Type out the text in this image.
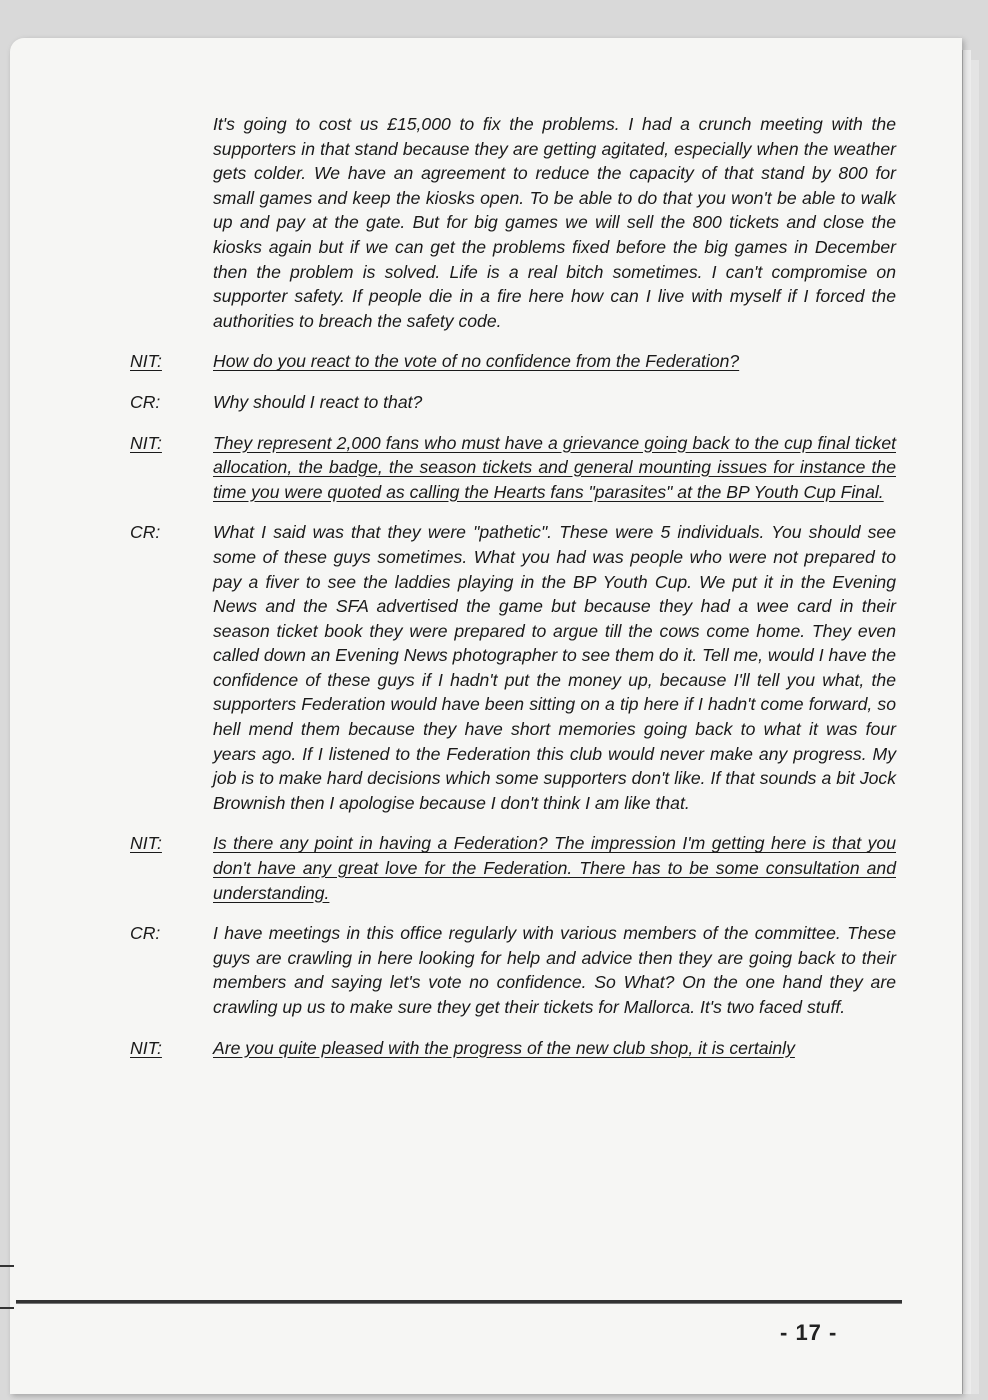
It's going to cost us £15,000 to fix the problems. I had a crunch meeting with the supporters in that stand because they are getting agitated, especially when the weather gets colder. We have an agreement to reduce the capacity of that stand by 800 for small games and keep the kiosks open. To be able to do that you won't be able to walk up and pay at the gate. But for big games we will sell the 800 tickets and close the kiosks again but if we can get the problems fixed before the big games in December then the problem is solved. Life is a real bitch sometimes. I can't compromise on supporter safety. If people die in a fire here how can I live with myself if I forced the authorities to breach the safety code.

NIT:	How do you react to the vote of no confidence from the Federation?
CR:	Why should I react to that?
NIT:	They represent 2,000 fans who must have a grievance going back to the cup final ticket allocation, the badge, the season tickets and general mounting issues for instance the time you were quoted as calling the Hearts fans "parasites" at the BP Youth Cup Final.
CR:	What I said was that they were "pathetic". These were 5 individuals. You should see some of these guys sometimes. What you had was people who were not prepared to pay a fiver to see the laddies playing in the BP Youth Cup. We put it in the Evening News and the SFA advertised the game but because they had a wee card in their season ticket book they were prepared to argue till the cows come home. They even called down an Evening News photographer to see them do it. Tell me, would I have the confidence of these guys if I hadn't put the money up, because I'll tell you what, the supporters Federation would have been sitting on a tip here if I hadn't come forward, so hell mend them because they have short memories going back to what it was four years ago. If I listened to the Federation this club would never make any progress. My job is to make hard decisions which some supporters don't like. If that sounds a bit Jock Brownish then I apologise because I don't think I am like that.
NIT:	Is there any point in having a Federation? The impression I'm getting here is that you don't have any great love for the Federation. There has to be some consultation and understanding.
CR:	I have meetings in this office regularly with various members of the committee. These guys are crawling in here looking for help and advice then they are going back to their members and saying let's vote no confidence. So What? On the one hand they are crawling up us to make sure they get their tickets for Mallorca. It's two faced stuff.
NIT:	Are you quite pleased with the progress of the new club shop, it is certainly
- 17 -
